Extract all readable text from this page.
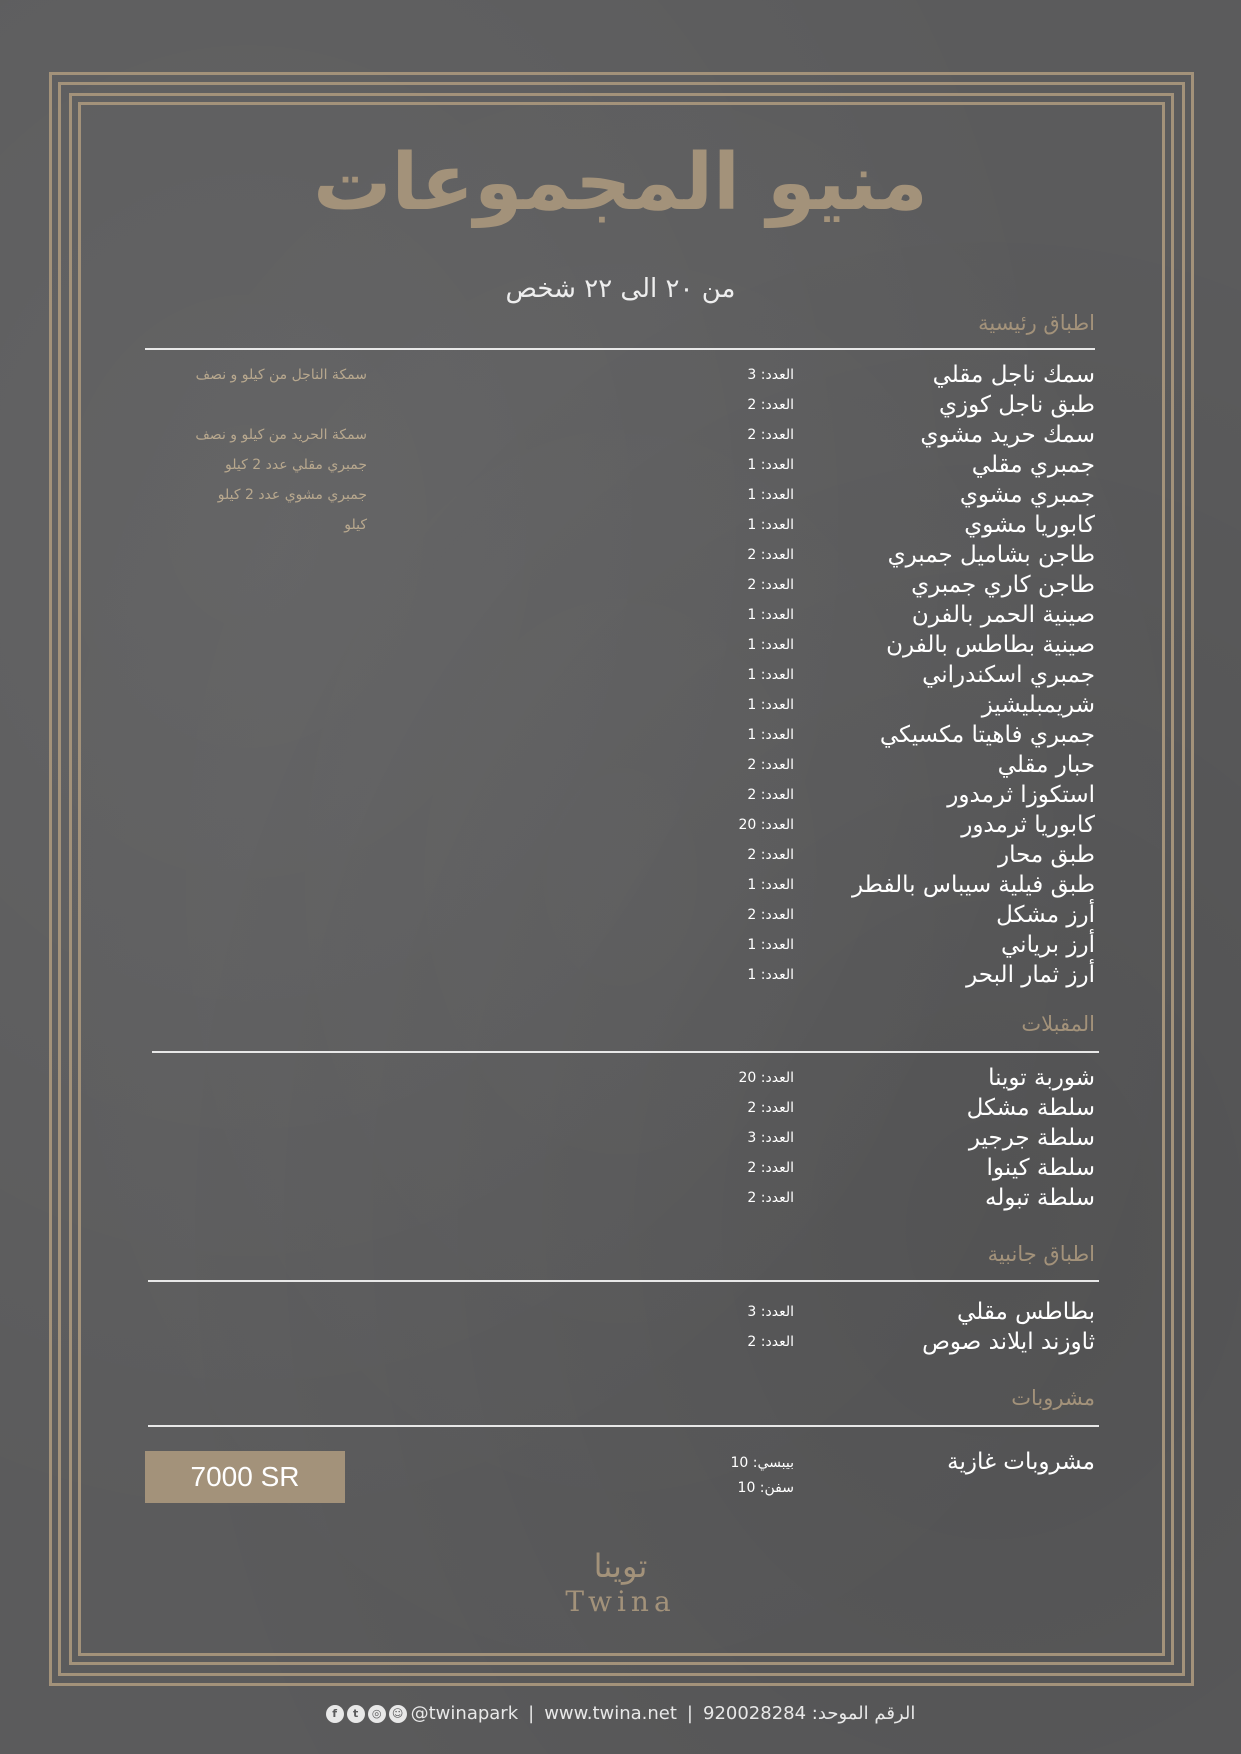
منيو المجموعات
من ٢٠ الى ٢٢ شخص
اطباق رئيسية
سمك ناجل مقلي
العدد: 3
سمكة الناجل من كيلو و نصف
طبق ناجل كوزي
العدد: 2
سمك حريد مشوي
العدد: 2
سمكة الحريد من كيلو و نصف
جمبري مقلي
العدد: 1
جمبري مقلي عدد 2 كيلو
جمبري مشوي
العدد: 1
جمبري مشوي عدد 2 كيلو
كابوريا مشوي
العدد: 1
كيلو
طاجن بشاميل جمبري
العدد: 2
طاجن كاري جمبري
العدد: 2
صينية الحمر بالفرن
العدد: 1
صينية بطاطس بالفرن
العدد: 1
جمبري اسكندراني
العدد: 1
شريمبليشيز
العدد: 1
جمبري فاهيتا مكسيكي
العدد: 1
حبار مقلي
العدد: 2
استكوزا ثرمدور
العدد: 2
كابوريا ثرمدور
العدد: 20
طبق محار
العدد: 2
طبق فيلية سيباس بالفطر
العدد: 1
أرز مشكل
العدد: 2
أرز برياني
العدد: 1
أرز ثمار البحر
العدد: 1
المقبلات
شوربة توينا
العدد: 20
سلطة مشكل
العدد: 2
سلطة جرجير
العدد: 3
سلطة كينوا
العدد: 2
سلطة تبوله
العدد: 2
اطباق جانبية
بطاطس مقلي
العدد: 3
ثاوزند ايلاند صوص
العدد: 2
مشروبات
مشروبات غازية
بيبسي: 10
سفن: 10
7000 SR
توينا
Twina
f	t	◎ ☺ @twinapark | www.twina.net | الرقم الموحد: 920028284
